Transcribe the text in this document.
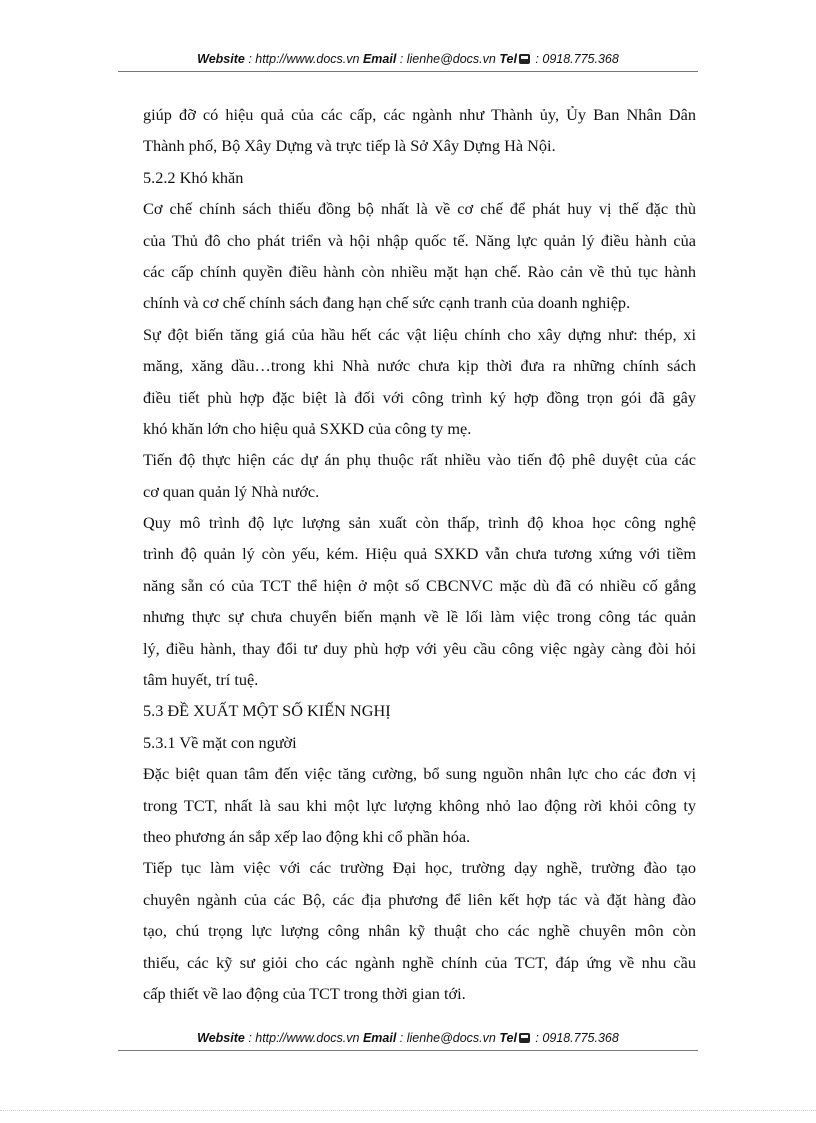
Website : http://www.docs.vn Email : lienhe@docs.vn Tel : 0918.775.368
giúp đỡ có hiệu quả của các cấp, các ngành như Thành ủy, Ủy Ban Nhân Dân
Thành phố, Bộ Xây Dựng và trực tiếp là Sở Xây Dựng Hà Nội.
5.2.2 Khó khăn
Cơ chế chính sách thiếu đồng bộ nhất là về cơ chế để phát huy vị thế đặc thù
của Thủ đô cho phát triển và hội nhập quốc tế. Năng lực quản lý điều hành của
các cấp chính quyền điều hành còn nhiều mặt hạn chế. Rào cản về thủ tục hành
chính và cơ chế chính sách đang hạn chế sức cạnh tranh của doanh nghiệp.
Sự đột biến tăng giá của hầu hết các vật liệu chính cho xây dựng như: thép, xi
măng, xăng dầu…trong khi Nhà nước chưa kịp thời đưa ra những chính sách
điều tiết phù hợp đặc biệt là đối với công trình ký hợp đồng trọn gói đã gây
khó khăn lớn cho hiệu quả SXKD của công ty mẹ.
Tiến độ thực hiện các dự án phụ thuộc rất nhiều vào tiến độ phê duyệt của các
cơ quan quản lý Nhà nước.
Quy mô trình độ lực lượng sản xuất còn thấp, trình độ khoa học công nghệ
trình độ quản lý còn yếu, kém. Hiệu quả SXKD vẫn chưa tương xứng với tiềm
năng sẵn có của TCT thể hiện ở một số CBCNVC mặc dù đã có nhiều cố gắng
nhưng thực sự chưa chuyển biến mạnh về lề lối làm việc trong công tác quản
lý, điều hành, thay đổi tư duy phù hợp với yêu cầu công việc ngày càng đòi hỏi
tâm huyết, trí tuệ.
5.3 ĐỀ XUẤT MỘT SỐ KIẾN NGHỊ
5.3.1 Về mặt con người
Đặc biệt quan tâm đến việc tăng cường, bổ sung nguồn nhân lực cho các đơn vị
trong TCT, nhất là sau khi một lực lượng không nhỏ lao động rời khỏi công ty
theo phương án sắp xếp lao động khi cổ phần hóa.
Tiếp tục làm việc với các trường Đại học, trường dạy nghề, trường đào tạo
chuyên ngành của các Bộ, các địa phương để liên kết hợp tác và đặt hàng đào
tạo, chú trọng lực lượng công nhân kỹ thuật cho các nghề chuyên môn còn
thiếu, các kỹ sư giỏi cho các ngành nghề chính của TCT, đáp ứng về nhu cầu
cấp thiết về lao động của TCT trong thời gian tới.
Website : http://www.docs.vn Email : lienhe@docs.vn Tel : 0918.775.368
